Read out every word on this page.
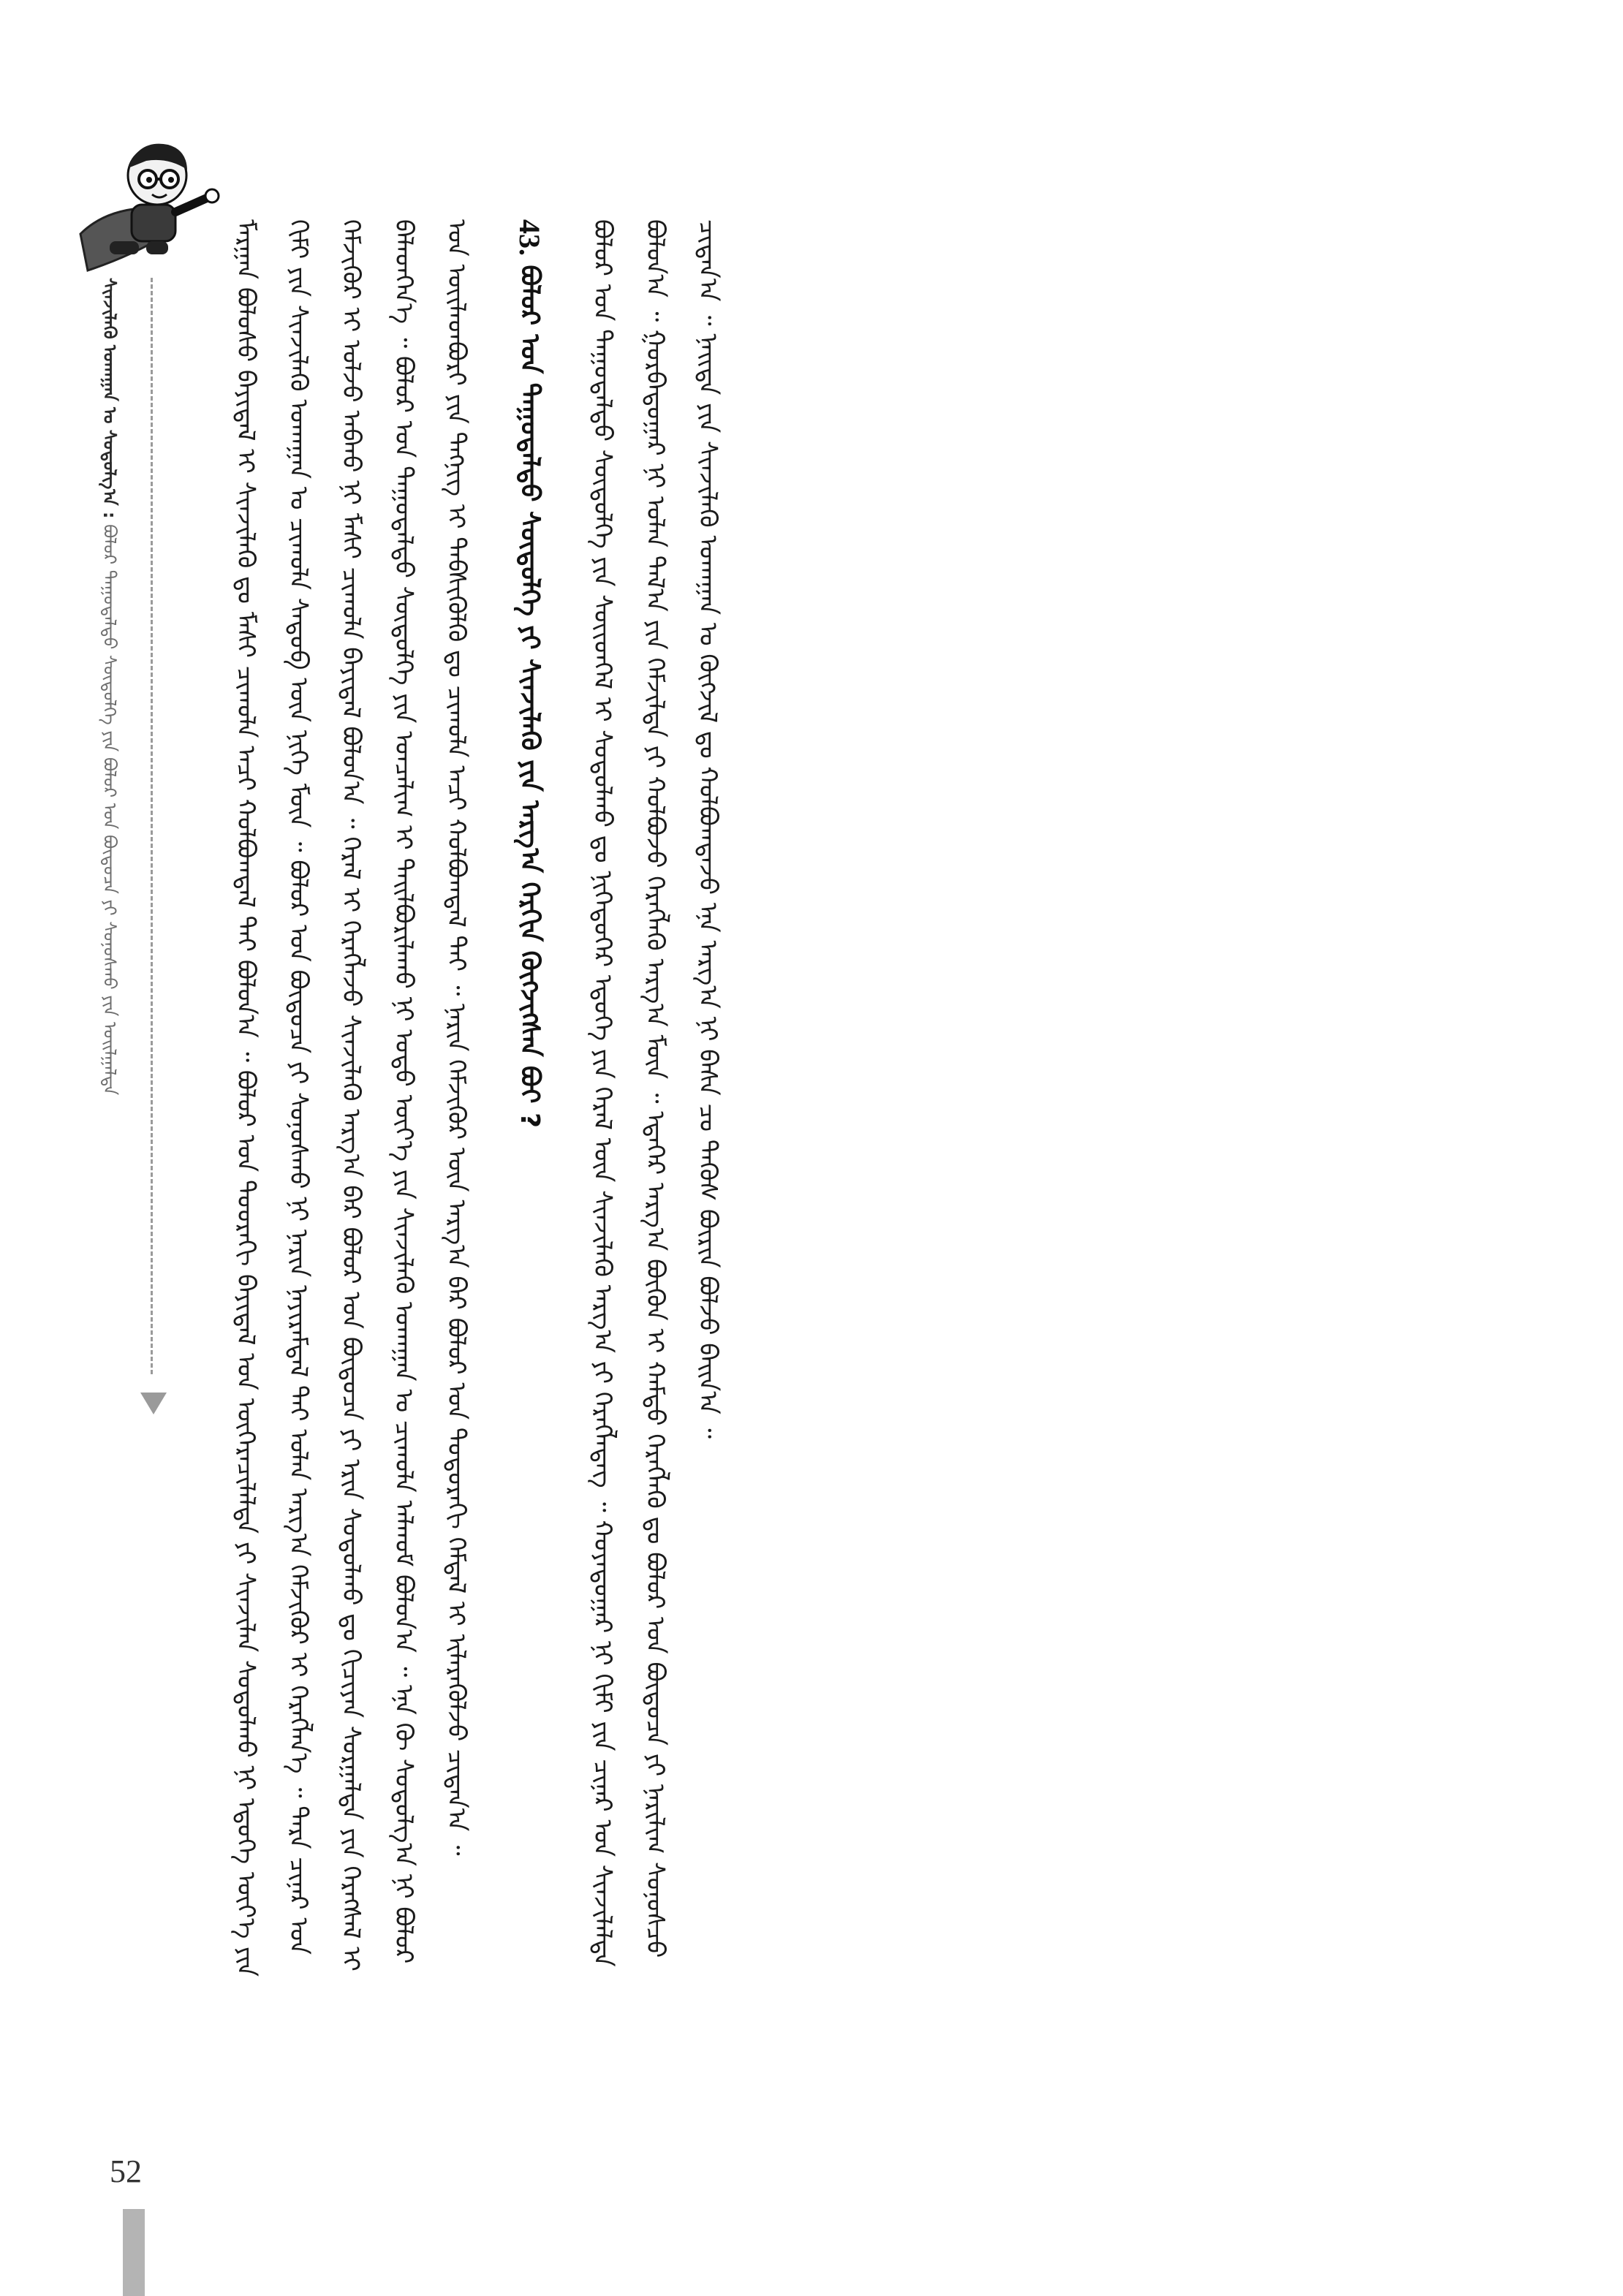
ᠰᠢᠨᠵᠢᠯᠡᠬᠦ ᠤᠬᠠᠭᠠᠨ ᠤ ᠰᠤᠳᠤᠯᠭ᠎ᠠ : ᠪᠣᠯᠣᠷ ᠳᠠᠭᠤᠳᠠᠯᠲᠤ ᠰᠦᠳᠦᠯᠭᠡ ᠶᠢᠨ ᠪᠣᠯᠣᠷ ᠤᠨ ᠪᠦᠲᠦᠴᠡ ᠶᠢ ᠰᠣᠨᠣᠰᠬᠤ ᠶᠢᠨ ᠣᠢᠯᠭᠠᠯᠲᠠ	ᠮᠠᠷᠭᠠᠨ ᠪᠣᠯᠣᠰᠤ ᠪᠠᠶᠢᠳᠠᠯ ᠢ ᠰᠢᠨᠵᠢᠯᠡᠬᠦ ᠳᠤ ᠮᠠᠰᠢ ᠴᠢᠬᠤᠯᠠ ᠠᠴᠢ ᠬᠣᠯᠪᠤᠭᠳᠠᠯ ᠲᠠᠢ ᠪᠣᠯᠤᠨ᠎ᠠ ᠃ ᠪᠣᠯᠣᠷ ᠤᠨ ᠳᠣᠣᠷᠠᠬᠢ ᠪᠠᠶᠢᠳᠠᠯ ᠤᠨ ᠥᠭᠡᠷᠡᠴᠢᠯᠡᠯᠲᠡ ᠶᠢ ᠰᠢᠨᠵᠢᠯᠡᠨ ᠰᠤᠳᠤᠯᠬᠤ ᠨᠢ ᠡᠳᠦᠭᠡ ᠦᠶ᠎ᠡ ᠶᠢᠨ ᠬᠢᠮᠢ ᠶᠢᠨ ᠰᠢᠨᠵᠢᠯᠡᠬᠦ ᠤᠬᠠᠭᠠᠨ ᠤ ᠴᠢᠬᠤᠯᠠ ᠰᠡᠳᠦᠪ ᠦᠨ ᠨᠢᠭᠡ ᠮᠥᠨ ᠃ ᠪᠣᠯᠣᠷ ᠤᠨ ᠪᠦᠲᠦᠴᠡ ᠶᠢ ᠰᠣᠨᠣᠰᠬᠤ ᠨᠢ ᠨᠠᠷᠢᠨ ᠨᠠᠶᠢᠷᠠᠮᠳᠠᠯ ᠲᠠᠢ ᠣᠯᠠᠨ ᠠᠷᠭ᠎ᠠ ᠬᠡᠮᠵᠢᠭᠦᠷ ᠢ ᠬᠡᠷᠡᠭᠯᠡᠨ᠎ᠡ ᠃ ᠲᠡᠷᠡ ᠴᠢᠨᠠᠷ ᠤᠨ ᠬᠡᠮᠵᠢᠭᠦᠷ ᠢ ᠣᠯᠵᠤ ᠠᠪᠬᠤ ᠨᠢ ᠮᠠᠰᠢ ᠴᠢᠬᠤᠯᠠ ᠪᠠᠶᠢᠳᠠᠯ ᠪᠣᠯᠤᠨ᠎ᠠ ᠃ ᠭᠡᠷᠡᠯ ᠢ ᠬᠡᠷᠡᠭᠯᠡᠵᠦ ᠰᠢᠨᠵᠢᠯᠡᠬᠦ ᠠᠷᠭ᠎ᠠ ᠪᠠᠷ ᠪᠣᠯᠣᠷ ᠤᠨ ᠪᠦᠲᠦᠴᠡ ᠶᠢ ᠡᠷᠢᠨ ᠰᠤᠳᠤᠯᠬᠤ ᠳᠤ ᠬᠢᠴᠢᠶᠡᠨ ᠰᠤᠷᠭᠠᠯᠲᠠ ᠶᠢᠨ ᠬᠡᠷᠡᠭᠰᠡᠯ ᠢ ᠪᠡᠯᠡᠳᠬᠡᠨ᠎ᠡ ᠃ ᠪᠣᠯᠣᠷ ᠤᠨ ᠳᠠᠭᠤᠳᠠᠯᠲᠤ ᠰᠦᠳᠦᠯᠭᠡ ᠶᠢᠨ ᠣᠨᠴᠠᠯᠢᠭ ᠢ ᠲᠠᠢᠯᠪᠤᠷᠢᠯᠠᠬᠤ ᠨᠢ ᠣᠳᠣ ᠦᠶ᠎ᠡ ᠶᠢᠨ ᠰᠢᠨᠵᠢᠯᠡᠬᠦ ᠤᠬᠠᠭᠠᠨ ᠤ ᠴᠢᠬᠤᠯᠠ ᠠᠯᠬᠤᠮ ᠪᠣᠯᠤᠨ᠎ᠠ ᠃ ᠡᠨᠡ ᠬᠦ ᠰᠤᠳᠤᠯᠭ᠎ᠠ ᠨᠢ ᠪᠣᠯᠣᠷ ᠤᠨ ᠦᠢᠯᠡᠳᠪᠦᠷᠢ ᠶᠢᠨ ᠲᠡᠬᠨᠢᠭ ᠢ ᠳᠡᠪᠰᠢᠭᠦᠯᠬᠦ ᠳᠤ ᠴᠢᠬᠤᠯᠠ ᠠᠴᠢ ᠬᠣᠯᠪᠣᠭᠳᠠᠯ ᠲᠠᠢ ᠃ ᠨᠠᠷᠢᠨ ᠬᠡᠮᠵᠢᠭᠦᠷ ᠦᠨ ᠠᠷᠭ᠎ᠠ ᠪᠠᠷ ᠪᠣᠯᠣᠷ ᠤᠨ ᠳᠣᠲᠣᠷᠠᠬᠢ ᠭᠡᠮᠲᠡᠯ ᠢ ᠢᠯᠡᠷᠡᠭᠦᠯᠵᠦ ᠴᠢᠳᠠᠨ᠎ᠠ ᠃	43. ᠪᠣᠯᠣᠷ ᠤᠨ ᠳᠠᠭᠤᠳᠠᠯᠲᠤ ᠰᠦᠳᠦᠯᠭᠡ ᠶᠢ ᠰᠢᠨᠵᠢᠯᠡᠬᠦ ᠶᠢᠨ ᠠᠷᠭ᠎ᠠ ᠬᠡᠷᠬᠢᠨ ᠬᠥᠭᠵᠢᠭᠰᠡᠨ ᠪᠤᠢ ?	ᠪᠣᠯᠣᠷ ᠤᠨ ᠳᠠᠭᠤᠳᠠᠯᠲᠤ ᠰᠦᠳᠦᠯᠭᠡ ᠶᠢᠨ ᠰᠦᠢᠳᠬᠡᠯ ᠢ ᠰᠤᠳᠤᠯᠬᠤ ᠳᠤ ᠨᠢᠭᠡᠳᠦᠭᠡᠷ ᠡᠳᠦᠭᠡ ᠶᠢᠨ ᠭᠡᠷᠡᠯ ᠦᠨ ᠰᠢᠨᠵᠢᠯᠡᠬᠦ ᠠᠷᠭ᠎ᠠ ᠶᠢ ᠬᠡᠷᠡᠭᠯᠡᠳᠡᠭ ᠃ ᠬᠣᠶᠠᠳᠤᠭᠠᠷ ᠨᠢ ᠬᠢᠮᠢ ᠶᠢᠨ ᠴᠢᠨᠠᠷ ᠤᠨ ᠰᠢᠨᠵᠢᠯᠡᠯᠲᠡ ᠪᠣᠯᠤᠨ᠎ᠠ ᠃ ᠭᠤᠷᠪᠠᠳᠤᠭᠠᠷ ᠨᠢ ᠣᠯᠠᠨ ᠲᠠᠯ᠎ᠠ ᠶᠢᠨ ᠬᠡᠮᠵᠢᠯᠲᠡ ᠶᠢ ᠬᠣᠯᠪᠣᠵᠤ ᠬᠡᠷᠡᠭᠯᠡᠬᠦ ᠠᠷᠭ᠎ᠠ ᠮᠥᠨ ᠃ ᠡᠳᠡᠭᠡᠷ ᠠᠷᠭ᠎ᠠ ᠪᠦᠬᠦᠨ ᠢ ᠬᠠᠮᠲᠤ ᠬᠡᠷᠡᠭᠯᠡᠬᠦ ᠳᠤ ᠪᠣᠯᠣᠷ ᠤᠨ ᠪᠦᠲᠦᠴᠡ ᠶᠢ ᠨᠠᠷᠢᠯᠢᠭ ᠰᠣᠨᠣᠰᠴᠤ ᠴᠢᠳᠠᠨ᠎ᠠ ᠃ ᠨᠡᠢᠲᠡ ᠶᠢᠨ ᠰᠢᠨᠵᠢᠯᠡᠬᠦ ᠤᠬᠠᠭᠠᠨ ᠤ ᠬᠥᠭᠵᠢᠯ ᠳᠤ ᠬᠣᠯᠪᠣᠭᠳᠠᠵᠤ ᠡᠨᠡ ᠠᠷᠭ᠎ᠠ ᠨᠢ ᠪᠠᠰᠠ ᠴᠤ ᠲᠡᠭᠦᠰ ᠪᠦᠷᠢᠨ ᠪᠣᠯᠵᠤ ᠪᠠᠢᠨ᠎ᠠ ᠃

52
